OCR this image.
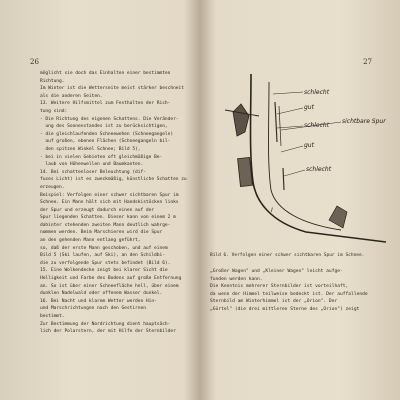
26
möglicht sie doch das Einhalten einer bestimmten
Richtung.
Im Winter ist die Wetterseite meist stärker beschneit
als die anderen Seiten.
13. Weitere Hilfsmittel zum Festhalten der Rich-
tung sind:
- Die Richtung des eigenen Schattens. Die Veränder-
ung des Sonnenstandes ist zu berücksichtigen,
- die gleichlaufenden Schneewehen (Schneegangeln)
auf großen, ebenen Flächen (Schneegangeln bil-
den spitzen Winkel Schnee; Bild 5),
- bei in vielen Gebieten oft gleichmäßige Be-
laub von Höhenwellen und Baumkanten.
14. Bei schattenloser Beleuchtung (dif-
fuses Licht) ist es zweckmäßig, künstliche Schatten zu
erzeugen.
Beispiel: Verfolgen einer schwer sichtbaren Spur im
Schnee. Ein Mann hält sich mit Handskistöcken links
der Spur und erzeugt dadurch einen auf der
Spur liegenden Schatten. Dieser kann von einem 2 m
dahinter stehenden zweiten Mann deutlich wahrge-
nommen werden. Beim Marschieren wird die Spur
an den gehenden Mann entlang geführt,
so, daß der erste Mann geschoben, und auf einem
Bild 5 (Ski laufen, auf Ski), an den Schildbi-
die zu verfolgende Spur stets befindet (Bild 6).
15. Eine Wolkendecke zeigt bei klarer Sicht die
Helligkeit und Farbe des Bodens auf große Entfernung
an. So ist über einer Schneefläche hell, über einem
dunklen Nadelwald oder offenem Wasser dunkel.
16. Bei Nacht und klarem Wetter werden Hin-
und Marschrichtungen nach den Gestirnen
bestimmt.
Zur Bestimmung der Nordrichtung dient hauptsäch-
lich der Polarstern, der mit Hilfe der Sternbilder
27
I
schlecht
gut
schlecht
sichtbare Spur
gut
schlecht
Bild 6. Verfolgen einer schwer sichtbaren Spur im Schnee.
„Großer Wagen" und „Kleiner Wagen" leicht aufge-
funden werden kann.
Die Kenntnis mehrerer Sternbilder ist vorteilhaft,
da wenn der Himmel teilweise bedeckt ist. Der auffallende
Sternbild am Winterhimmel ist der „Orion". Der
„Gürtel" (die drei mittleren Sterne des „Orion") zeigt
